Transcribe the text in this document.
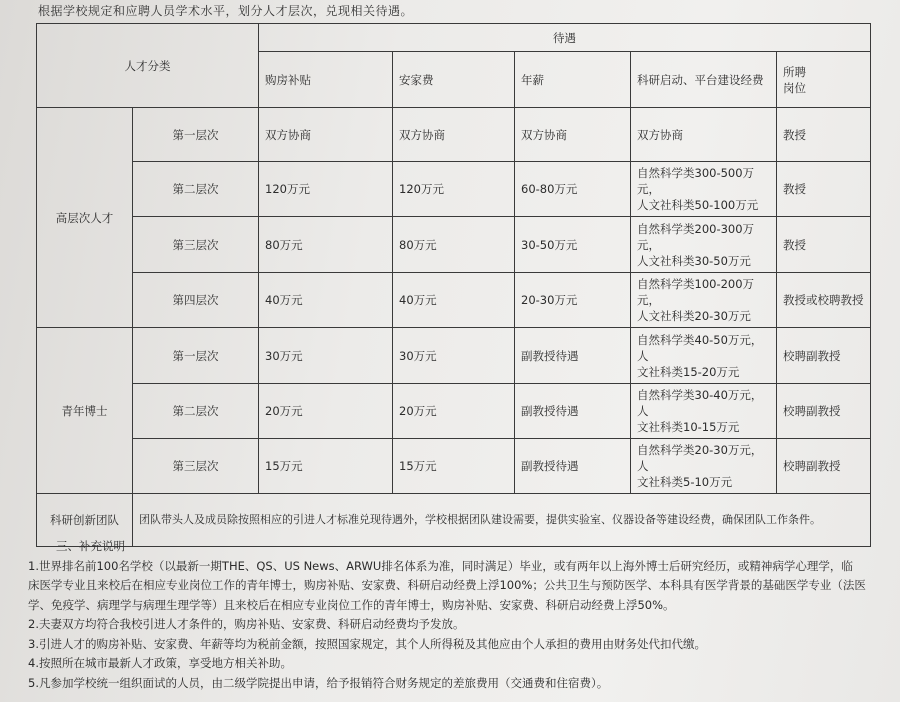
根据学校规定和应聘人员学术水平，划分人才层次，兑现相关待遇。
人才分类		待遇				
		购房补贴	安家费	年薪	科研启动、平台建设经费	所聘
岗位
高层次人才	第一层次	双方协商	双方协商	双方协商	双方协商	教授
	第二层次	120万元	120万元	60-80万元	自然科学类300-500万元，
人文社科类50-100万元	教授
	第三层次	80万元	80万元	30-50万元	自然科学类200-300万元，
人文社科类30-50万元	教授
	第四层次	40万元	40万元	20-30万元	自然科学类100-200万元，
人文社科类20-30万元	教授或校聘教授
青年博士	第一层次	30万元	30万元	副教授待遇	自然科学类40-50万元，人
文社科类15-20万元	校聘副教授
	第二层次	20万元	20万元	副教授待遇	自然科学类30-40万元，人
文社科类10-15万元	校聘副教授
	第三层次	15万元	15万元	副教授待遇	自然科学类20-30万元，人
文社科类5-10万元	校聘副教授
科研创新团队	团队带头人及成员除按照相应的引进人才标准兑现待遇外，学校根据团队建设需要，提供实验室、仪器设备等建设经费，确保团队工作条件。					
三、补充说明
1.世界排名前100名学校（以最新一期THE、QS、US News、ARWU排名体系为准，同时满足）毕业，或有两年以上海外博士后研究经历，或精神病学心理学，临
床医学专业且来校后在相应专业岗位工作的青年博士，购房补贴、安家费、科研启动经费上浮100%；公共卫生与预防医学、本科具有医学背景的基础医学专业（法医
学、免疫学、病理学与病理生理学等）且来校后在相应专业岗位工作的青年博士，购房补贴、安家费、科研启动经费上浮50%。
2.夫妻双方均符合我校引进人才条件的，购房补贴、安家费、科研启动经费均予发放。
3.引进人才的购房补贴、安家费、年薪等均为税前金额，按照国家规定，其个人所得税及其他应由个人承担的费用由财务处代扣代缴。
4.按照所在城市最新人才政策，享受地方相关补助。
5.凡参加学校统一组织面试的人员，由二级学院提出申请，给予报销符合财务规定的差旅费用（交通费和住宿费）。
